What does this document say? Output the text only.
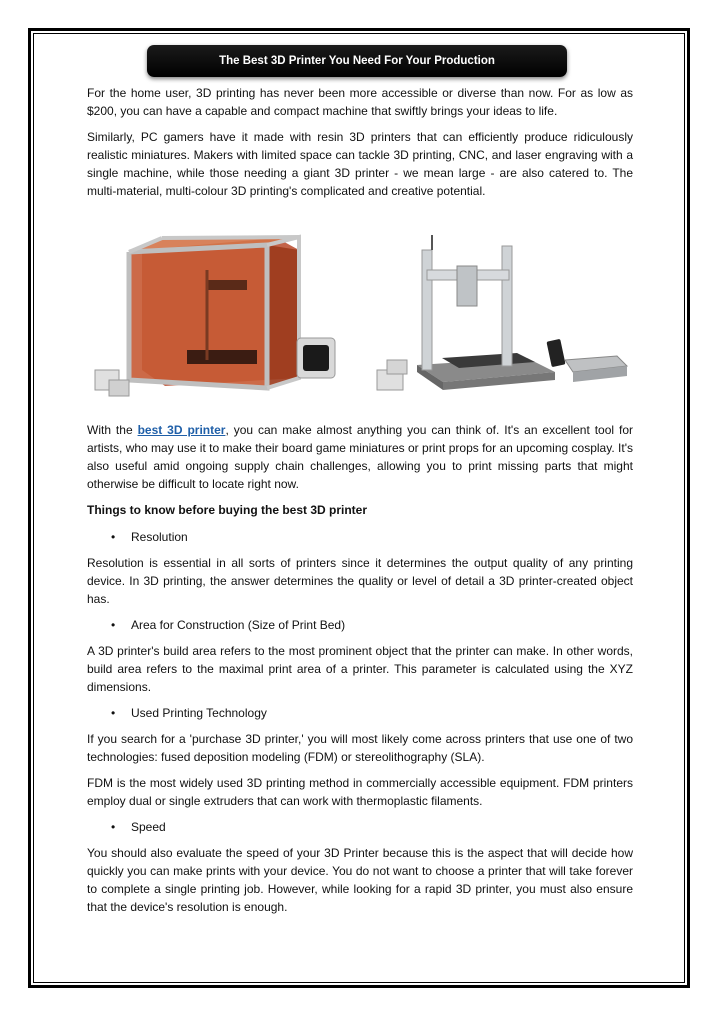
The Best 3D Printer You Need For Your Production

For the home user, 3D printing has never been more accessible or diverse than now. For as low as $200, you can have a capable and compact machine that swiftly brings your ideas to life.

Similarly, PC gamers have it made with resin 3D printers that can efficiently produce ridiculously realistic miniatures. Makers with limited space can tackle 3D printing, CNC, and laser engraving with a single machine, while those needing a giant 3D printer - we mean large - are also catered to. The multi-material, multi-colour 3D printing's complicated and creative potential.

With the best 3D printer, you can make almost anything you can think of. It's an excellent tool for artists, who may use it to make their board game miniatures or print props for an upcoming cosplay. It's also useful amid ongoing supply chain challenges, allowing you to print missing parts that might otherwise be difficult to locate right now.

Things to know before buying the best 3D printer

•	Resolution

Resolution is essential in all sorts of printers since it determines the output quality of any printing device. In 3D printing, the answer determines the quality or level of detail a 3D printer-created object has.

•	Area for Construction (Size of Print Bed)

A 3D printer's build area refers to the most prominent object that the printer can make. In other words, build area refers to the maximal print area of a printer. This parameter is calculated using the XYZ dimensions.

•	Used Printing Technology

If you search for a 'purchase 3D printer,' you will most likely come across printers that use one of two technologies: fused deposition modeling (FDM) or stereolithography (SLA).

FDM is the most widely used 3D printing method in commercially accessible equipment. FDM printers employ dual or single extruders that can work with thermoplastic filaments.

•	Speed

You should also evaluate the speed of your 3D Printer because this is the aspect that will decide how quickly you can make prints with your device. You do not want to choose a printer that will take forever to complete a single printing job. However, while looking for a rapid 3D printer, you must also ensure that the device's resolution is enough.
